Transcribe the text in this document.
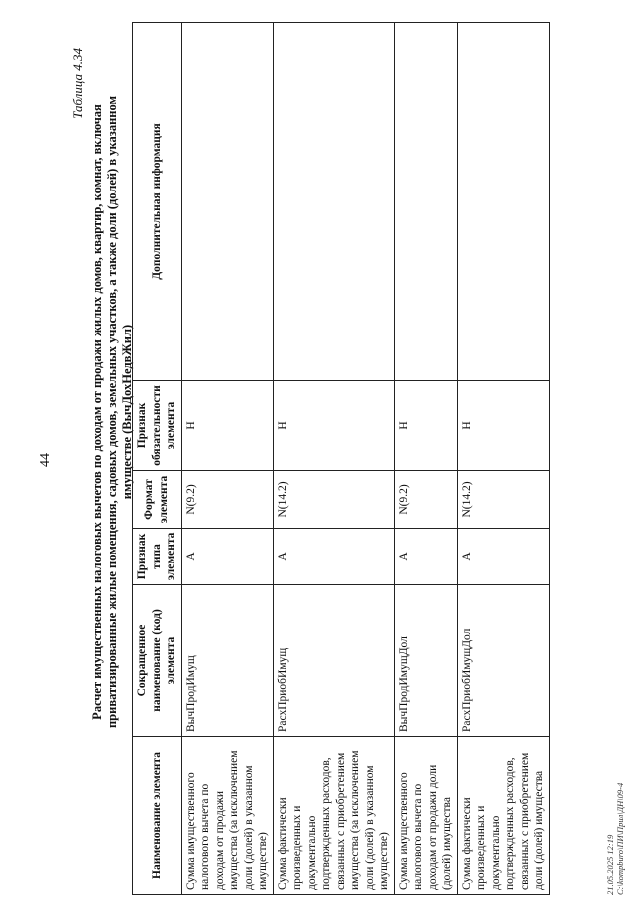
44
Таблица 4.34
Расчет имущественных налоговых вычетов по доходам от продажи жилых домов, квартир, комнат, включая приватизированные жилые помещения, садовых домов, земельных участков, а также доли (долей) в указанном имуществе (ВычДохНедвЖил)
Наименование элемента	Сокращенное наименование (код) элемента	Признак типа элемента	Формат элемента	Признак обязательности элемента	Дополнительная информация
Сумма имущественного налогового вычета по доходам от продажи имущества (за исключением доли (долей) в указанном имуществе)	ВычПродИмущ	А	N(9.2)	Н	
Сумма фактически произведенных и документально подтвержденных расходов, связанных с приобретением имущества (за исключением доли (долей) в указанном имуществе)	РасхПриобИмущ	А	N(14.2)	Н	
Сумма имущественного налогового вычета по доходам от продажи доли (долей) имущества	ВычПродИмущДол	А	N(9.2)	Н	
Сумма фактически произведенных и документально подтвержденных расходов, связанных с приобретением доли (долей) имущества	РасхПриобИмущДол	А	N(14.2)	Н	
21.05.2025 12:19 C:\kompburo\ПИ\Прил\ДН\09-4
